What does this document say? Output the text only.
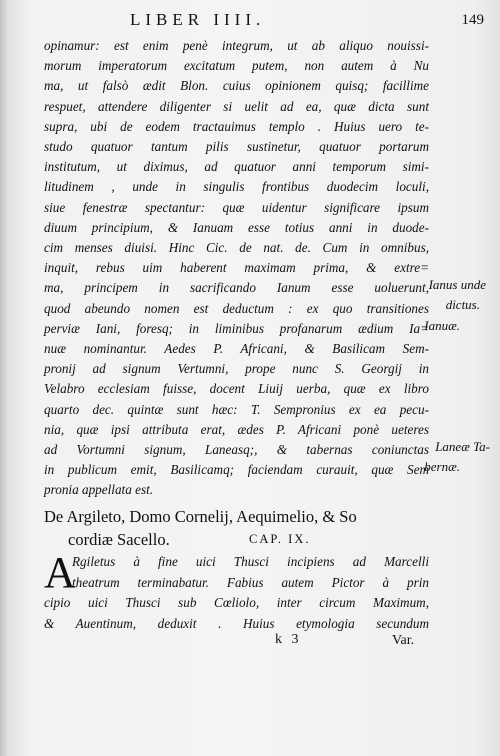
LIBER IIII.	149
opinamur: est enim penè integrum, ut ab aliquo nouissi-
morum imperatorum excitatum putem, non autem à Nu
ma, ut falsò ædit Blon. cuius opinionem quisq; facillime
respuet, attendere diligenter si uelit ad ea, quæ dicta sunt
supra, ubi de eodem tractauimus templo . Huius uero te-
studo quatuor tantum pilis sustinetur, quatuor portarum
institutum, ut diximus, ad quatuor anni temporum simi-
litudinem , unde in singulis frontibus duodecim loculi,
siue fenestræ spectantur: quæ uidentur significare ipsum
diuum principium, & Ianuam esse totius anni in duode-
cim menses diuisi. Hinc Cic. de nat. de. Cum in omnibus,
inquit, rebus uim haberent maximam prima, & extre=
ma, principem in sacrificando Ianum esse uoluerunt,
quod abeundo nomen est deductum : ex quo transitiones
perviæ Iani, foresq; in liminibus profanarum ædium Ia=
nuæ nominantur. Aedes P. Africani, & Basilicam Sem-
pronij ad signum Vertumni, prope nunc S. Georgij in
Velabro ecclesiam fuisse, docent Liuij uerba, quæ ex libro
quarto dec. quintæ sunt hæc: T. Sempronius ex ea pecu-
nia, quæ ipsi attributa erat, ædes P. Africani ponè ueteres
ad Vortumni signum, Laneasq;, & tabernas coniunctas
in publicum emit, Basilicamq; faciendam curauit, quæ Sem
pronia appellata est.
Ianus unde
dictus.
Ianuæ.
Laneæ Ta-
bernæ.
De Argileto, Domo Cornelij, Aequimelio, & So
cordiæ Sacello.	CAP. IX.
A
Rgiletus à fine uici Thusci incipiens ad Marcelli
theatrum terminabatur. Fabius autem Pictor à prin
cipio uici Thusci sub Cœliolo, inter circum Maximum,
& Auentinum, deduxit . Huius etymologia secundum
k 3	Var.
